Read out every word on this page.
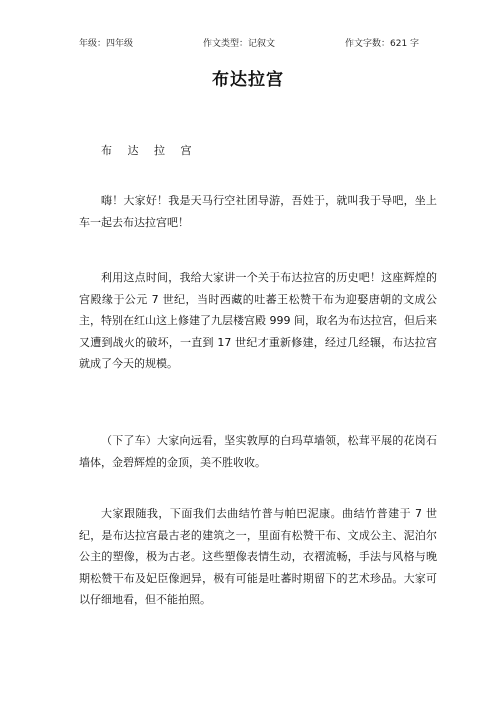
年级：四年级	作文类型：记叙文	作文字数：621 字
布达拉宫
布 达 拉 宫

嗨！大家好！我是天马行空社团导游，吾姓于，就叫我于导吧，坐上车一起去布达拉宫吧！

利用这点时间，我给大家讲一个关于布达拉宫的历史吧！这座辉煌的宫殿缘于公元 7 世纪，当时西藏的吐蕃王松赞干布为迎娶唐朝的文成公主，特别在红山这上修建了九层楼宫殿 999 间，取名为布达拉宫，但后来又遭到战火的破坏，一直到 17 世纪才重新修建，经过几经辗，布达拉宫就成了今天的规模。

（下了车）大家向远看，坚实敦厚的白玛草墙领，松茸平展的花岗石墙体，金碧辉煌的金顶，美不胜收收。

大家跟随我，下面我们去曲结竹普与帕巴泥康。曲结竹普建于 7 世纪，是布达拉宫最古老的建筑之一，里面有松赞干布、文成公主、泥泊尔公主的塑像，极为古老。这些塑像表情生动，衣褶流畅，手法与风格与晚期松赞干布及妃臣像迥异，极有可能是吐蕃时期留下的艺术珍品。大家可以仔细地看，但不能拍照。
